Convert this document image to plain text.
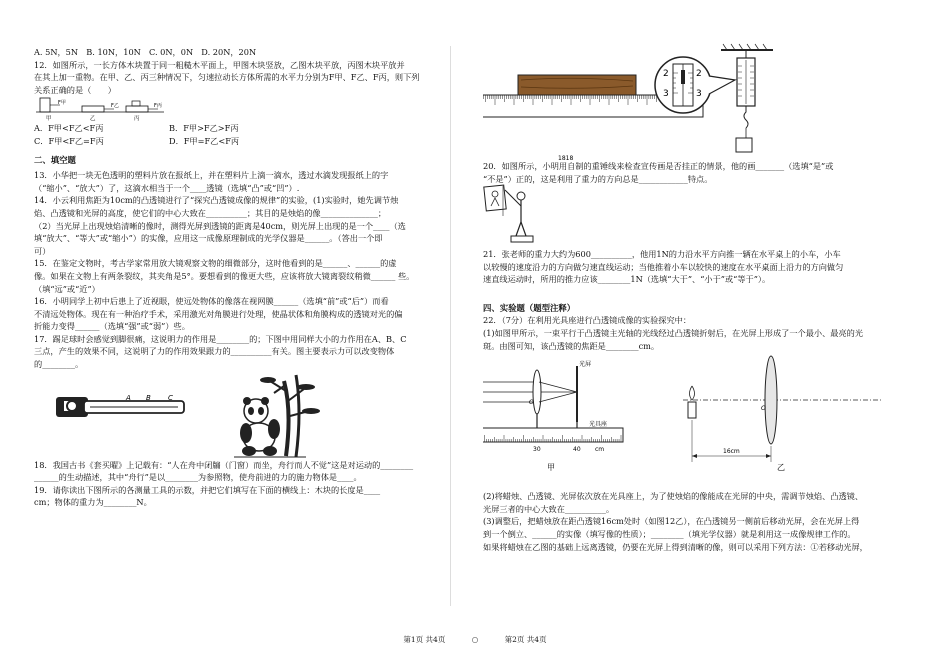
A. 5N，5N　B. 10N，10N　C. 0N，0N　D. 20N，20N
12．如图所示，一长方体木块置于同一粗糙木平面上，甲图木块竖放，乙图木块平放，丙图木块平放并
在其上加一重物。在甲、乙、丙三种情况下，匀速拉动长方体所需的水平力分别为F甲、F乙、F丙，则下列
关系正确的是（　　）
F甲	F乙	F丙
甲	乙	丙
A．F甲<F乙<F丙	B．F甲>F乙>F丙
C．F甲<F乙=F丙	D．F甲=F乙<F丙
二、填空题
13．小华把一块无色透明的塑料片放在报纸上，并在塑料片上滴一滴水，透过水滴发现报纸上的字
（“缩小”、“放大”）了，这滴水相当于一个____透镜（选填“凸”或“凹”）.
14．小云利用焦距为10cm的凸透镜进行了“探究凸透镜成像的规律”的实验，(1)实验时，她先调节烛
焰、凸透镜和光屏的高度，使它们的中心大致在__________；其目的是烛焰的像______________；
（2）当光屏上出现烛焰清晰的像时，测得光屏到透镜的距离是40cm，则光屏上出现的是一个____（选
填“放大”、“等大”或“缩小”）的实像，应用这一成像原理制成的光学仪器是______。（答出一个即
可）
15．在鉴定文物时，考古学家常用放大镜观察文物的细微部分，这时他看到的是______、______的虚
像。如果在文物上有两条裂纹，其夹角是5°。要想看到的像更大些，应该将放大镜离裂纹稍微______ 些。
（填“远”或“近”）
16．小明同学上初中后患上了近视眼，使远处物体的像落在视网膜______（选填“前”或“后”）而看
不清远处物体。现在有一种治疗手术，采用激光对角膜进行处理，使晶状体和角膜构成的透镜对光的偏
折能力变得______（选填“强”或“弱”）些。
17．踢足球时会感觉到脚很痛，这说明力的作用是________的；下图中用同样大小的力作用在A、B、C
三点，产生的效果不同，这说明了力的作用效果跟力的__________有关。图主要表示力可以改变物体
的________。
A B C
18．我国古书《套买曜》上记载有：“人在舟中闭牖（门窗）而坐，舟行而人不觉”这是对运动的________
______的生动描述，其中“舟行”是以________为参照物，使舟前进的力的施力物体是____。
19．请你读出下图所示的各测量工具的示数，并把它们填写在下面的横线上：木块的长度是____
cm；物体的重力为________N。
1818
2	2
3	3
20．如图所示，小明用自制的重锤线来检查宣传画是否挂正的情景，他的画_______（选填“是”或
“不是”）正的，这是利用了重力的方向总是____________特点。
21．张老师的重力大约为600__________，他用1N的力沿水平方向推一辆在水平桌上的小车，小车
以较慢的速度沿力的方向做匀速直线运动；当他推着小车以较快的速度在水平桌面上沿力的方向做匀
速直线运动时，所用的推力应该________1N（选填“大于”、“小于”或“等于”）。
四、实验题（题型注释）
22．（7分）在利用光具座进行凸透镜成像的实验探究中：
(1)如图甲所示，一束平行于凸透镜主光轴的光线经过凸透镜折射后，在光屏上形成了一个最小、最亮的光
斑。由图可知，该凸透镜的焦距是________cm。
O
光屏
光具座
30	40 cm
甲
O
16cm
乙
(2)将蜡烛、凸透镜、光屏依次放在光具座上，为了使烛焰的像能成在光屏的中央，需调节烛焰、凸透镜、
光屏三者的中心大致在__________。
(3)调整后，把蜡烛放在距凸透镜16cm处时（如图12乙），在凸透镜另一侧前后移动光屏，会在光屏上得
到一个倒立、______的实像（填写像的性质）；________（填光学仪器）就是利用这一成像规律工作的。
如果将蜡烛在乙图的基础上远离透镜，仍要在光屏上得到清晰的像，则可以采用下列方法：①若移动光屏，
第1页 共4页	○	第2页 共4页
